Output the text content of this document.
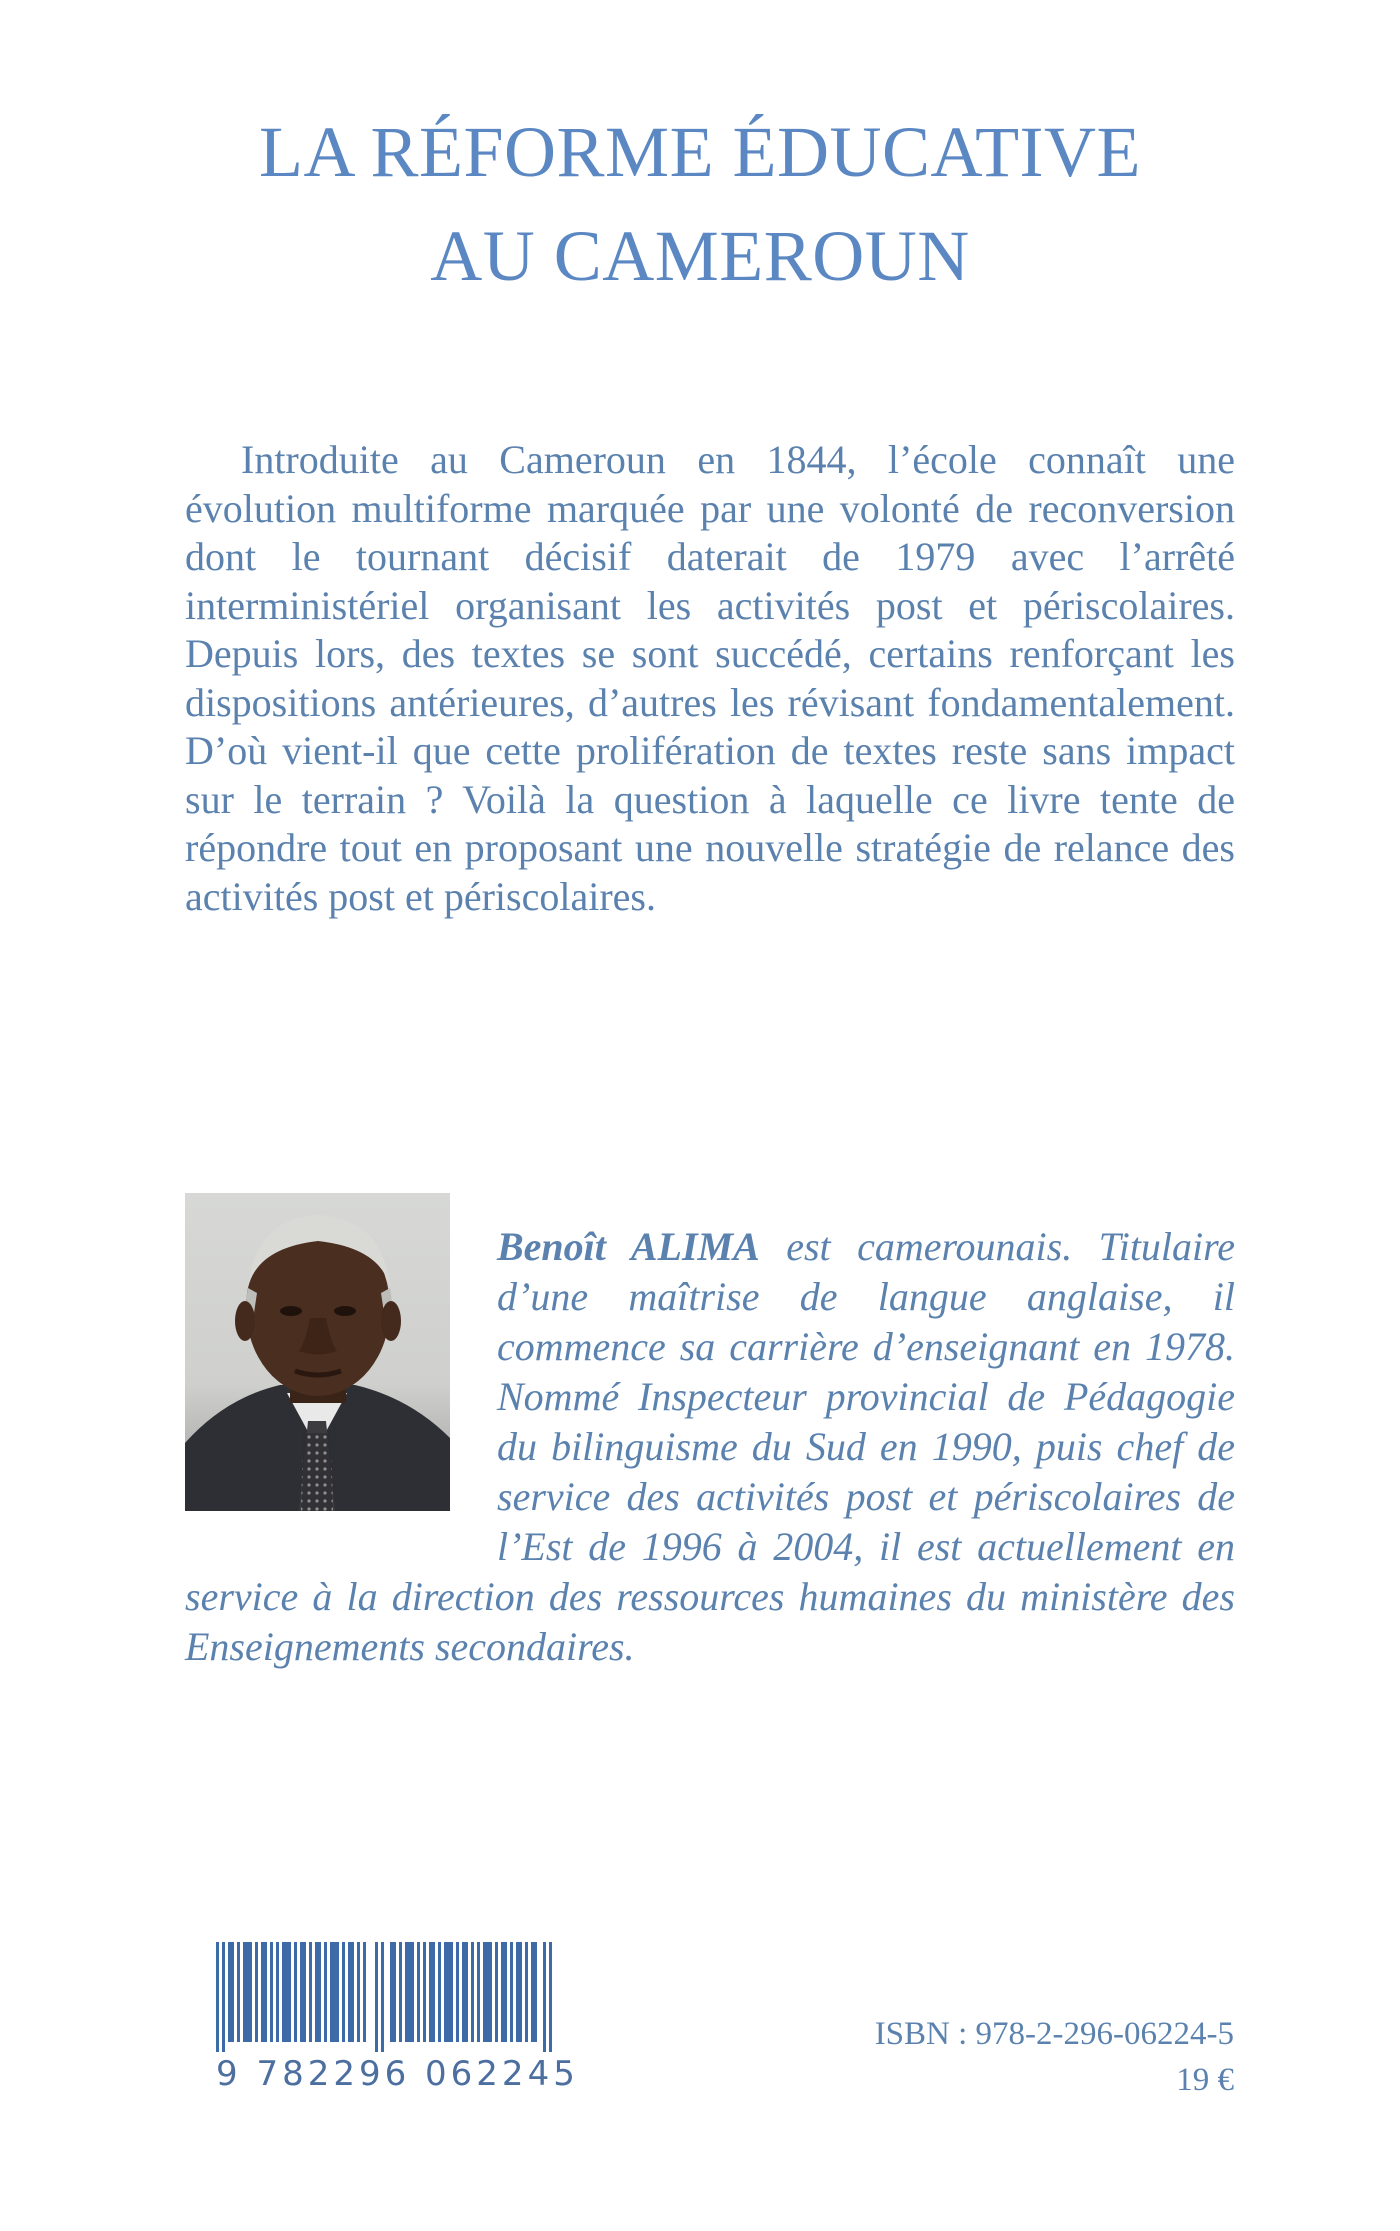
LA RÉFORME ÉDUCATIVE
AU CAMEROUN

Introduite au Cameroun en 1844, l’école connaît une évolution multiforme marquée par une volonté de reconversion dont le tournant décisif daterait de 1979 avec l’arrêté interministériel organisant les activités post et périscolaires. Depuis lors, des textes se sont succédé, certains renforçant les dispositions antérieures, d’autres les révisant fondamentalement. D’où vient-il que cette prolifération de textes reste sans impact sur le terrain ? Voilà la question à laquelle ce livre tente de répondre tout en proposant une nouvelle stratégie de relance des activités post et périscolaires.

Benoît ALIMA est camerounais. Titulaire d’une maîtrise de langue anglaise, il commence sa carrière d’enseignant en 1978. Nommé Inspecteur provincial de Pédagogie du bilinguisme du Sud en 1990, puis chef de service des activités post et périscolaires de l’Est de 1996 à 2004, il est actuellement en service à la direction des ressources humaines du ministère des Enseignements secondaires.

9 782296 062245

ISBN : 978-2-296-06224-5
19 €
